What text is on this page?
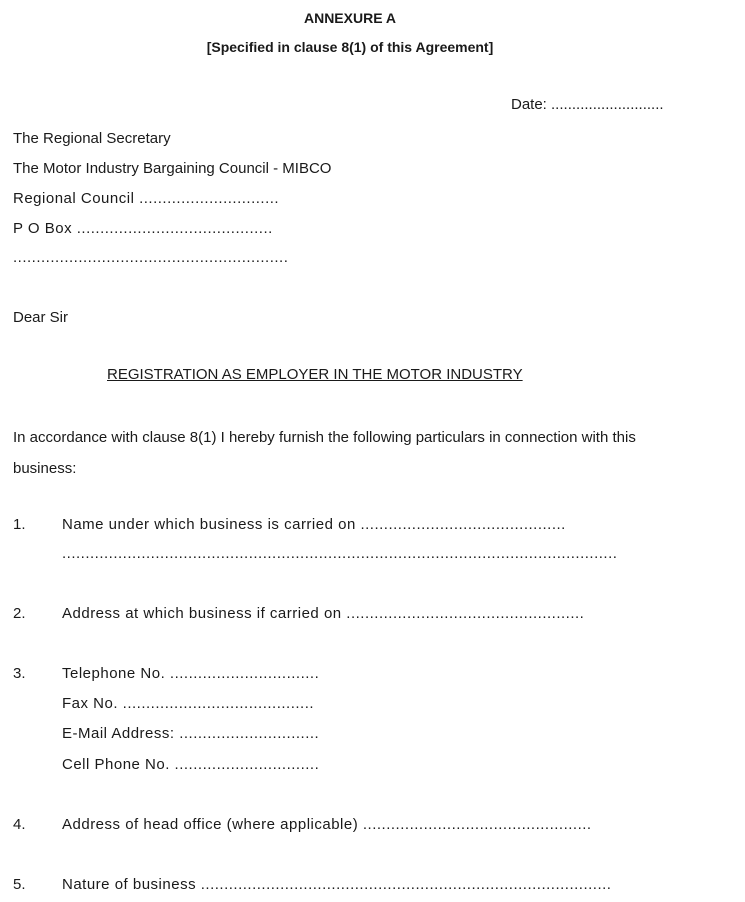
ANNEXURE A
[Specified in clause 8(1) of this Agreement]
Date: ...........................
The Regional Secretary
The Motor Industry Bargaining Council - MIBCO
Regional Council ..............................
P O Box ..........................................
...........................................................
Dear Sir
REGISTRATION AS EMPLOYER IN THE MOTOR INDUSTRY
In accordance with clause 8(1) I hereby furnish the following particulars in connection with this business:
1. Name under which business is carried on ............................................
.......................................................................................................................
2. Address at which business if carried on ...................................................
3. Telephone No. ................................
Fax No. .........................................
E-Mail Address: ..............................
Cell Phone No. ...............................
4. Address of head office (where applicable) .................................................
5. Nature of business ........................................................................................
